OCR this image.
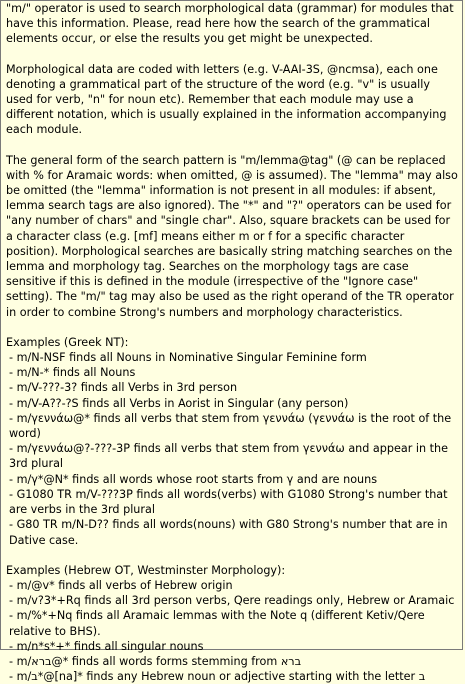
"m/" operator is used to search morphological data (grammar) for modules that have this information. Please, read here how the search of the grammatical elements occur, or else the results you get might be unexpected.

Morphological data are coded with letters (e.g. V-AAI-3S, @ncmsa), each one denoting a grammatical part of the structure of the word (e.g. "v" is usually used for verb, "n" for noun etc). Remember that each module may use a different notation, which is usually explained in the information accompanying each module.

The general form of the search pattern is "m/lemma@tag" (@ can be replaced with % for Aramaic words: when omitted, @ is assumed). The "lemma" may also be omitted (the "lemma" information is not present in all modules: if absent, lemma search tags are also ignored). The "*" and "?" operators can be used for "any number of chars" and "single char". Also, square brackets can be used for a character class (e.g. [mf] means either m or f for a specific character position). Morphological searches are basically string matching searches on the lemma and morphology tag. Searches on the morphology tags are case sensitive if this is defined in the module (irrespective of the "Ignore case" setting). The "m/" tag may also be used as the right operand of the TR operator in order to combine Strong's numbers and morphology characteristics.

Examples (Greek NT):

- m/N-NSF finds all Nouns in Nominative Singular Feminine form

- m/N-* finds all Nouns

- m/V-???-3? finds all Verbs in 3rd person

- m/V-A??-?S finds all Verbs in Aorist in Singular (any person)

- m/γεννάω@* finds all verbs that stem from γεννάω (γεννάω is the root of the word)

- m/γεννάω@?-???-3P finds all verbs that stem from γεννάω and appear in the 3rd plural

- m/γ*@N* finds all words whose root starts from γ and are nouns

- G1080 TR m/V-???3P finds all words(verbs) with G1080 Strong's number that are verbs in the 3rd plural

- G80 TR m/N-D?? finds all words(nouns) with G80 Strong's number that are in Dative case.

Examples (Hebrew OT, Westminster Morphology):

- m/@v* finds all verbs of Hebrew origin

- m/v?3*+Rq finds all 3rd person verbs, Qere readings only, Hebrew or Aramaic

- m/%*+Nq finds all Aramaic lemmas with the Note q (different Ketiv/Qere relative to BHS).

- m/n*s*+* finds all singular nouns

- m/ברא@* finds all words forms stemming from ברא

- m/ב*@[na]* finds any Hebrew noun or adjective starting with the letter ב
